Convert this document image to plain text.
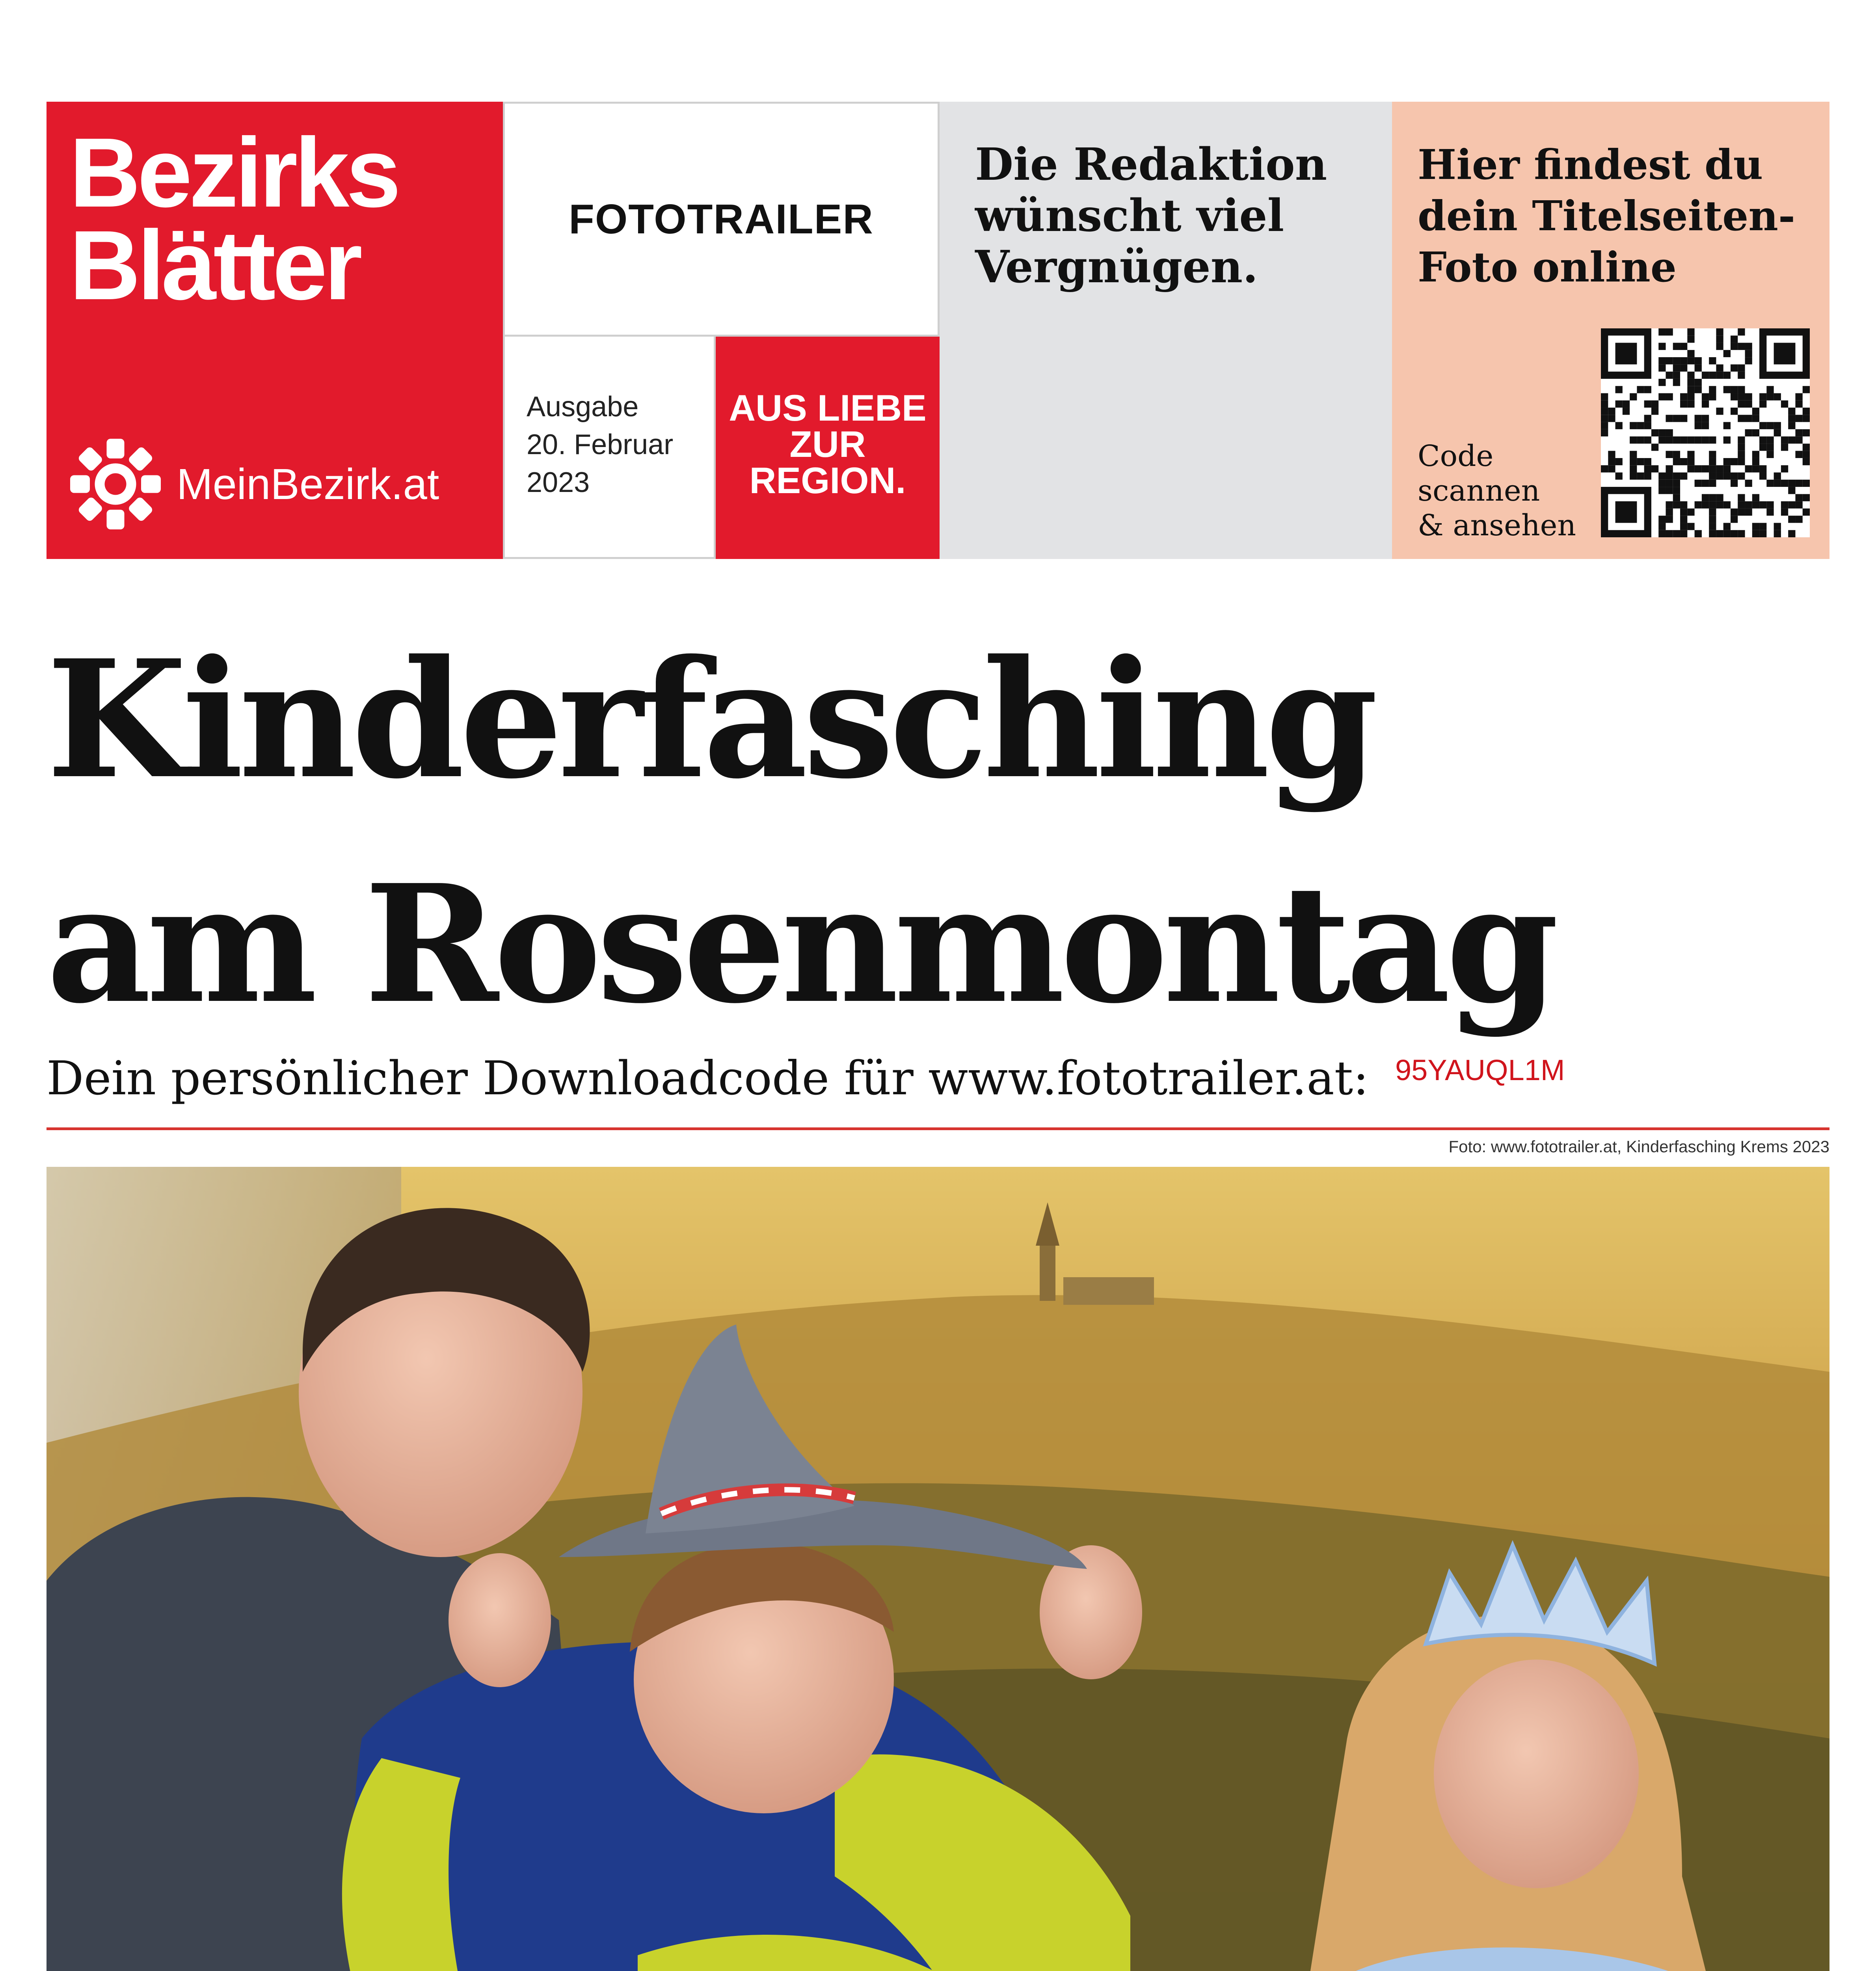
Bezirks
Blätter
MeinBezirk.at
FOTOTRAILER
Ausgabe
20. Februar
2023
AUS LIEBE
ZUR
REGION.
Die Redaktion
wünscht viel
Vergnügen.
Hier findest du
dein Titelseiten-
Foto online
Code
scannen
& ansehen
Kinderfasching
am Rosenmontag
Dein persönlicher Downloadcode für www.fototrailer.at: 95YAUQL1M
Foto: www.fototrailer.at, Kinderfasching Krems 2023
